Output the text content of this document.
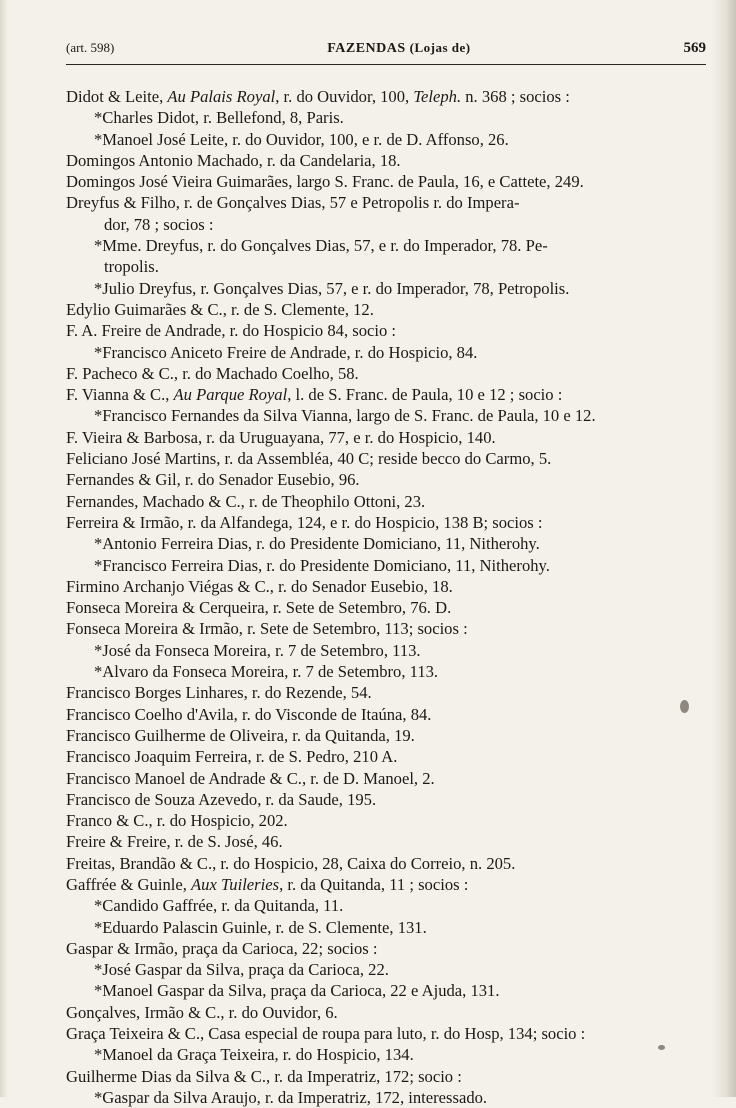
(art. 598)	FAZENDAS (Lojas de)	569
Didot & Leite, Au Palais Royal, r. do Ouvidor, 100, Teleph. n. 368 ; socios :
*Charles Didot, r. Bellefond, 8, Paris.
*Manoel José Leite, r. do Ouvidor, 100, e r. de D. Affonso, 26.
Domingos Antonio Machado, r. da Candelaria, 18.
Domingos José Vieira Guimarães, largo S. Franc. de Paula, 16, e Cattete, 249.
Dreyfus & Filho, r. de Gonçalves Dias, 57 e Petropolis r. do Impera-
dor, 78 ; socios :
*Mme. Dreyfus, r. do Gonçalves Dias, 57, e r. do Imperador, 78. Pe-
tropolis.
*Julio Dreyfus, r. Gonçalves Dias, 57, e r. do Imperador, 78, Petropolis.
Edylio Guimarães & C., r. de S. Clemente, 12.
F. A. Freire de Andrade, r. do Hospicio 84, socio :
*Francisco Aniceto Freire de Andrade, r. do Hospicio, 84.
F. Pacheco & C., r. do Machado Coelho, 58.
F. Vianna & C., Au Parque Royal, l. de S. Franc. de Paula, 10 e 12 ; socio :
*Francisco Fernandes da Silva Vianna, largo de S. Franc. de Paula, 10 e 12.
F. Vieira & Barbosa, r. da Uruguayana, 77, e r. do Hospicio, 140.
Feliciano José Martins, r. da Assembléa, 40 C; reside becco do Carmo, 5.
Fernandes & Gil, r. do Senador Eusebio, 96.
Fernandes, Machado & C., r. de Theophilo Ottoni, 23.
Ferreira & Irmão, r. da Alfandega, 124, e r. do Hospicio, 138 B; socios :
*Antonio Ferreira Dias, r. do Presidente Domiciano, 11, Nitherohy.
*Francisco Ferreira Dias, r. do Presidente Domiciano, 11, Nitherohy.
Firmino Archanjo Viégas & C., r. do Senador Eusebio, 18.
Fonseca Moreira & Cerqueira, r. Sete de Setembro, 76. D.
Fonseca Moreira & Irmão, r. Sete de Setembro, 113; socios :
*José da Fonseca Moreira, r. 7 de Setembro, 113.
*Alvaro da Fonseca Moreira, r. 7 de Setembro, 113.
Francisco Borges Linhares, r. do Rezende, 54.
Francisco Coelho d'Avila, r. do Visconde de Itaúna, 84.
Francisco Guilherme de Oliveira, r. da Quitanda, 19.
Francisco Joaquim Ferreira, r. de S. Pedro, 210 A.
Francisco Manoel de Andrade & C., r. de D. Manoel, 2.
Francisco de Souza Azevedo, r. da Saude, 195.
Franco & C., r. do Hospicio, 202.
Freire & Freire, r. de S. José, 46.
Freitas, Brandão & C., r. do Hospicio, 28, Caixa do Correio, n. 205.
Gaffrée & Guinle, Aux Tuileries, r. da Quitanda, 11 ; socios :
*Candido Gaffrée, r. da Quitanda, 11.
*Eduardo Palascin Guinle, r. de S. Clemente, 131.
Gaspar & Irmão, praça da Carioca, 22; socios :
*José Gaspar da Silva, praça da Carioca, 22.
*Manoel Gaspar da Silva, praça da Carioca, 22 e Ajuda, 131.
Gonçalves, Irmão & C., r. do Ouvidor, 6.
Graça Teixeira & C., Casa especial de roupa para luto, r. do Hosp, 134; socio :
*Manoel da Graça Teixeira, r. do Hospicio, 134.
Guilherme Dias da Silva & C., r. da Imperatriz, 172; socio :
*Gaspar da Silva Araujo, r. da Imperatriz, 172, interessado.
